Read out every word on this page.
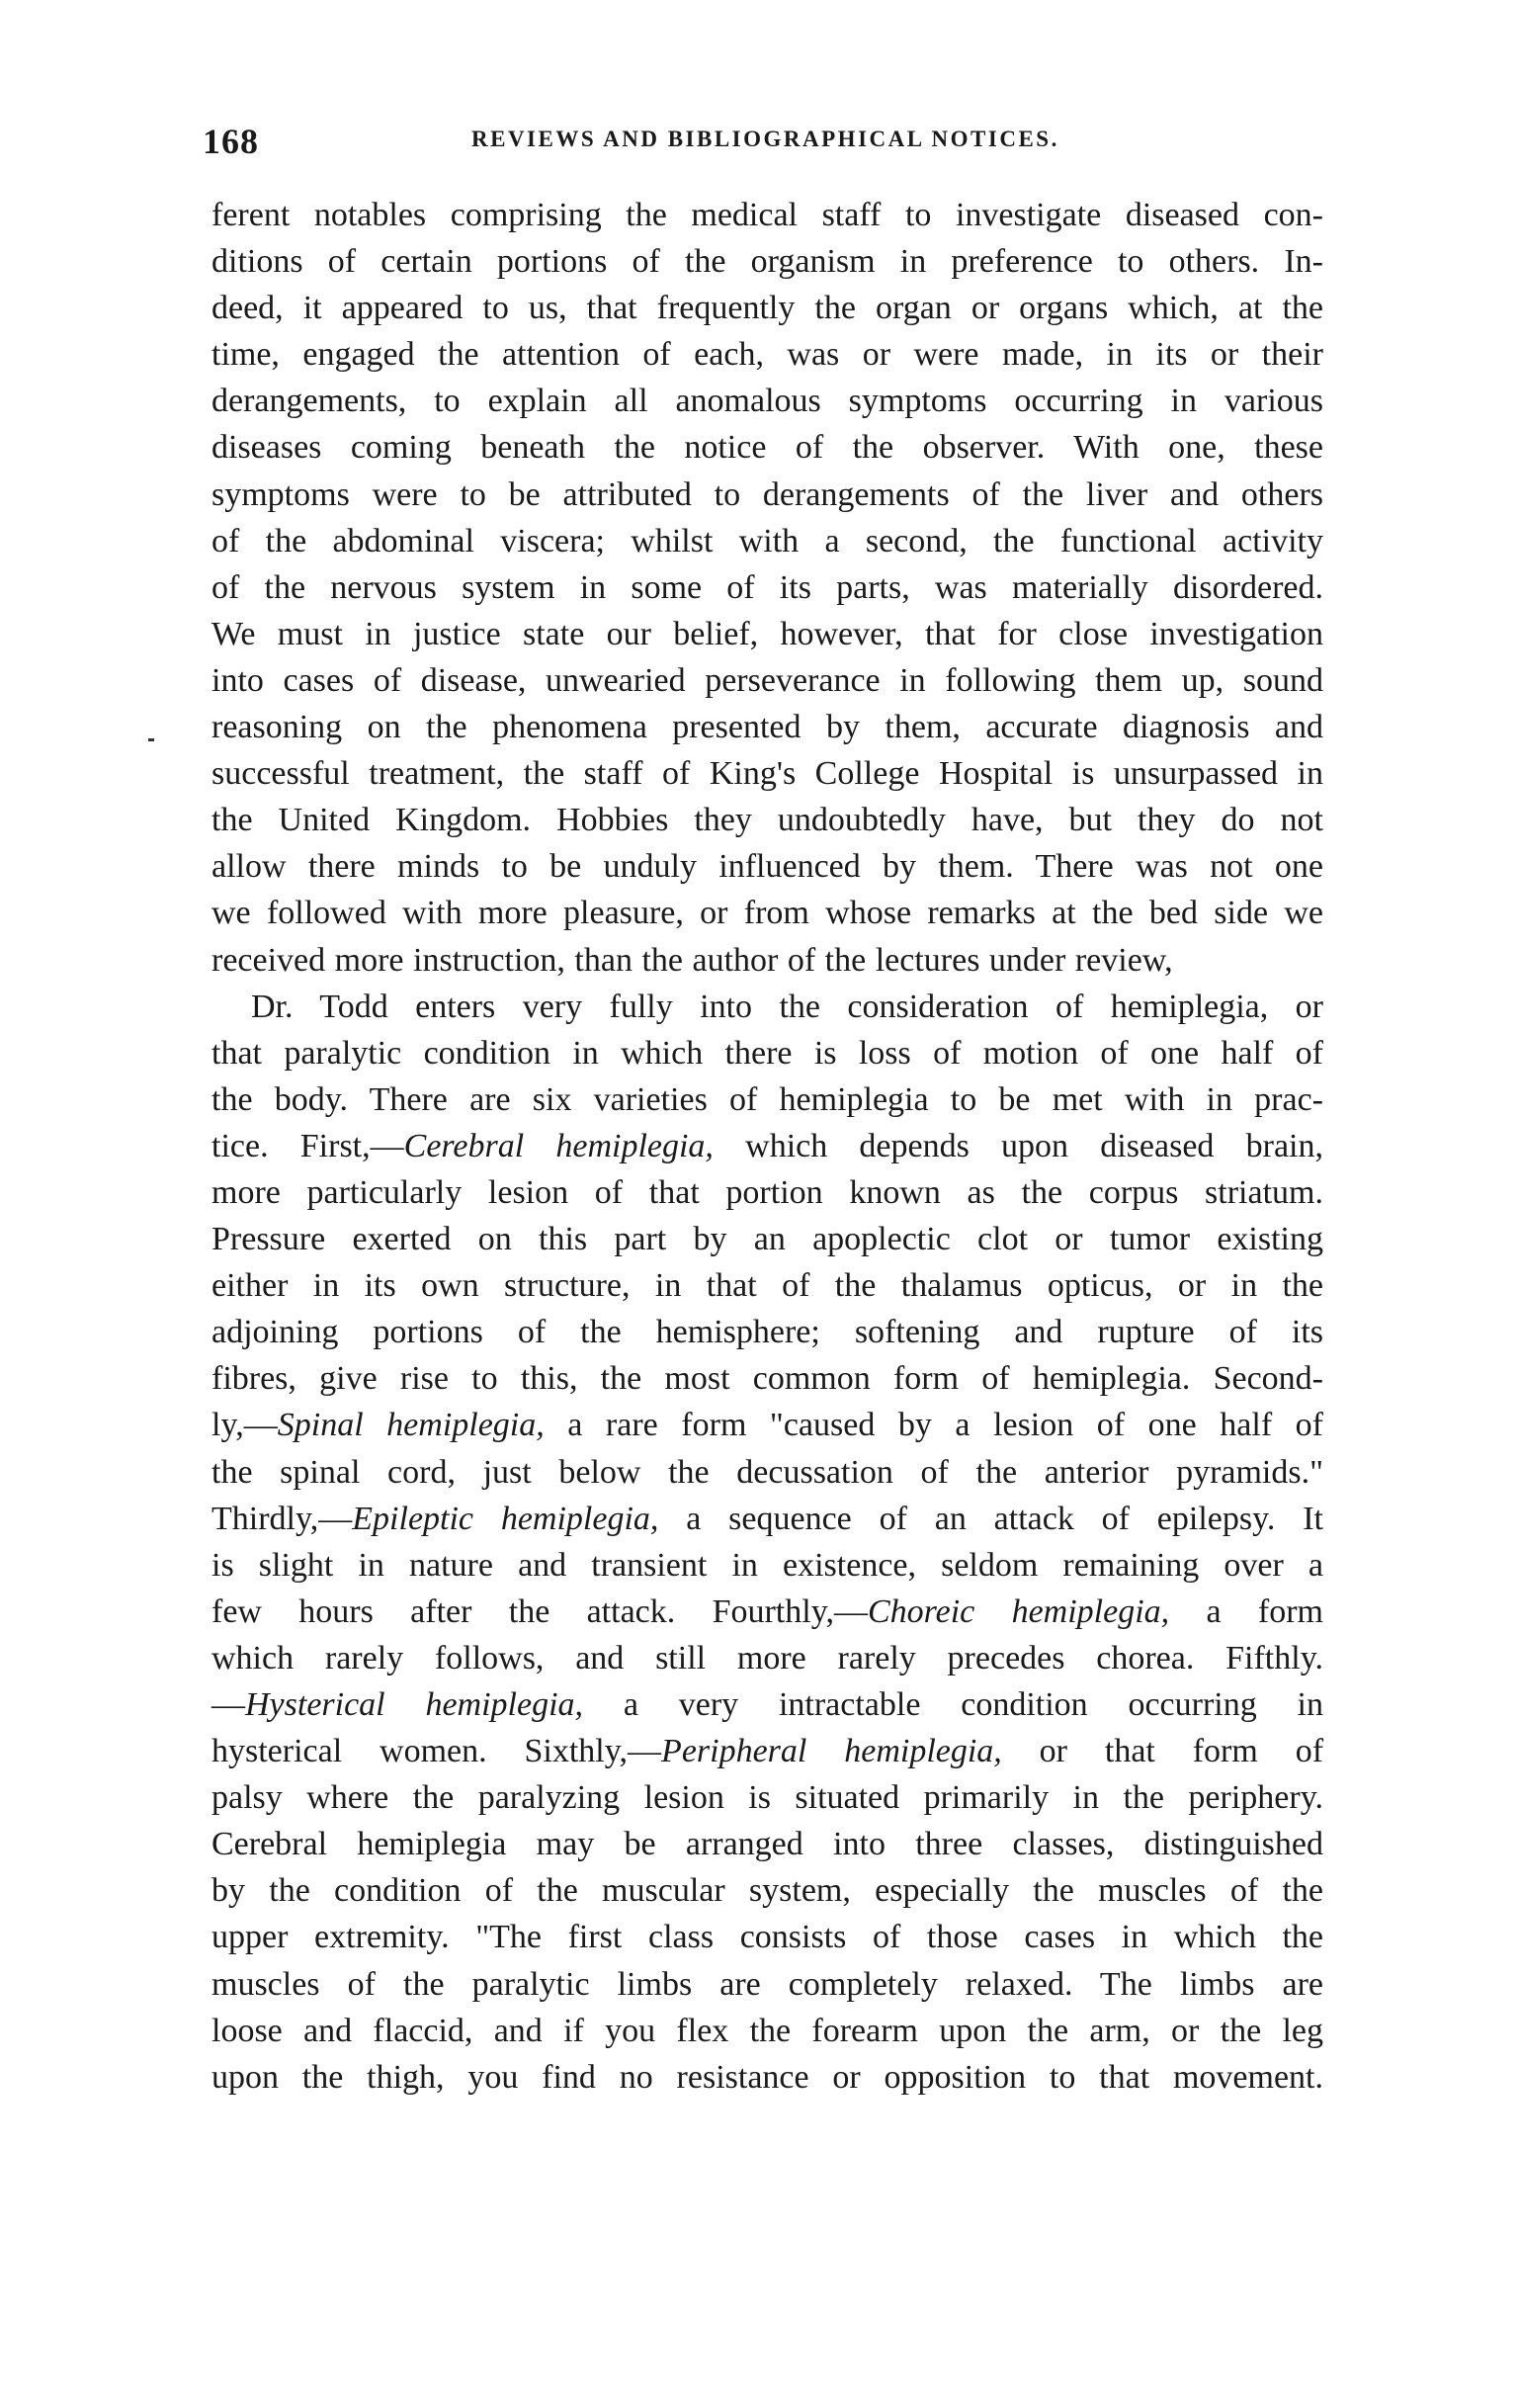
168	REVIEWS AND BIBLIOGRAPHICAL NOTICES.
ferent notables comprising the medical staff to investigate diseased con-
ditions of certain portions of the organism in preference to others. In-
deed, it appeared to us, that frequently the organ or organs which, at the
time, engaged the attention of each, was or were made, in its or their
derangements, to explain all anomalous symptoms occurring in various
diseases coming beneath the notice of the observer. With one, these
symptoms were to be attributed to derangements of the liver and others
of the abdominal viscera; whilst with a second, the functional activity
of the nervous system in some of its parts, was materially disordered.
We must in justice state our belief, however, that for close investigation
into cases of disease, unwearied perseverance in following them up, sound
reasoning on the phenomena presented by them, accurate diagnosis and
successful treatment, the staff of King's College Hospital is unsurpassed in
the United Kingdom. Hobbies they undoubtedly have, but they do not
allow there minds to be unduly influenced by them. There was not one
we followed with more pleasure, or from whose remarks at the bed side we
received more instruction, than the author of the lectures under review,
Dr. Todd enters very fully into the consideration of hemiplegia, or
that paralytic condition in which there is loss of motion of one half of
the body. There are six varieties of hemiplegia to be met with in prac-
tice. First,—Cerebral hemiplegia, which depends upon diseased brain,
more particularly lesion of that portion known as the corpus striatum.
Pressure exerted on this part by an apoplectic clot or tumor existing
either in its own structure, in that of the thalamus opticus, or in the
adjoining portions of the hemisphere; softening and rupture of its
fibres, give rise to this, the most common form of hemiplegia. Second-
ly,—Spinal hemiplegia, a rare form "caused by a lesion of one half of
the spinal cord, just below the decussation of the anterior pyramids."
Thirdly,—Epileptic hemiplegia, a sequence of an attack of epilepsy. It
is slight in nature and transient in existence, seldom remaining over a
few hours after the attack. Fourthly,—Choreic hemiplegia, a form
which rarely follows, and still more rarely precedes chorea. Fifthly.
—Hysterical hemiplegia, a very intractable condition occurring in
hysterical women. Sixthly,—Peripheral hemiplegia, or that form of
palsy where the paralyzing lesion is situated primarily in the periphery.
Cerebral hemiplegia may be arranged into three classes, distinguished
by the condition of the muscular system, especially the muscles of the
upper extremity. "The first class consists of those cases in which the
muscles of the paralytic limbs are completely relaxed. The limbs are
loose and flaccid, and if you flex the forearm upon the arm, or the leg
upon the thigh, you find no resistance or opposition to that movement.
